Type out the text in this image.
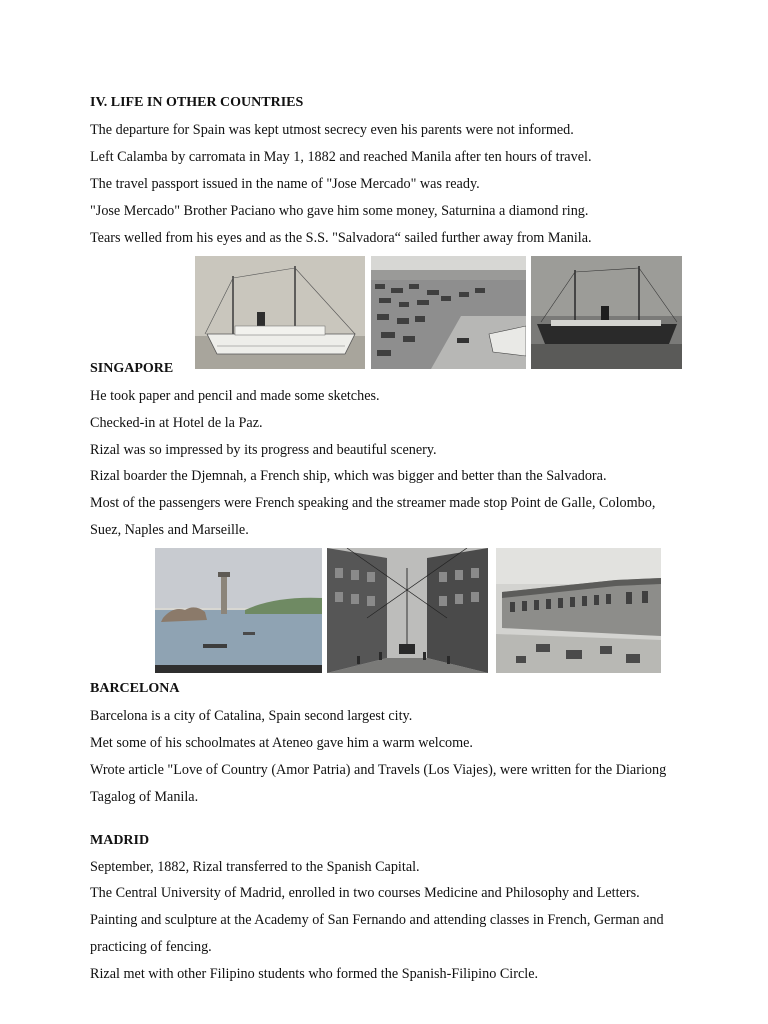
IV. LIFE IN OTHER COUNTRIES
The departure for Spain was kept utmost secrecy even his parents were not informed.
Left Calamba by carromata in May 1, 1882 and reached Manila after ten hours of travel.
The travel passport issued in the name of "Jose Mercado" was ready.
"Jose Mercado" Brother Paciano who gave him some money, Saturnina a diamond ring.
Tears welled from his eyes and as the S.S. "Salvadora“ sailed further away from Manila.
SINGAPORE
He took paper and pencil and made some sketches.
Checked-in at Hotel de la Paz.
Rizal was so impressed by its progress and beautiful scenery.
Rizal boarder the Djemnah, a French ship, which was bigger and better than the Salvadora.
Most of the passengers were French speaking and the streamer made stop Point de Galle, Colombo,
Suez, Naples and Marseille.
BARCELONA
Barcelona is a city of Catalina, Spain second largest city.
Met some of his schoolmates at Ateneo gave him a warm welcome.
Wrote article "Love of Country (Amor Patria) and Travels (Los Viajes), were written for the Diariong
Tagalog of Manila.
MADRID
September, 1882, Rizal transferred to the Spanish Capital.
The Central University of Madrid, enrolled in two courses Medicine and Philosophy and Letters.
Painting and sculpture at the Academy of San Fernando and attending classes in French, German and
practicing of fencing.
Rizal met with other Filipino students who formed the Spanish-Filipino Circle.
